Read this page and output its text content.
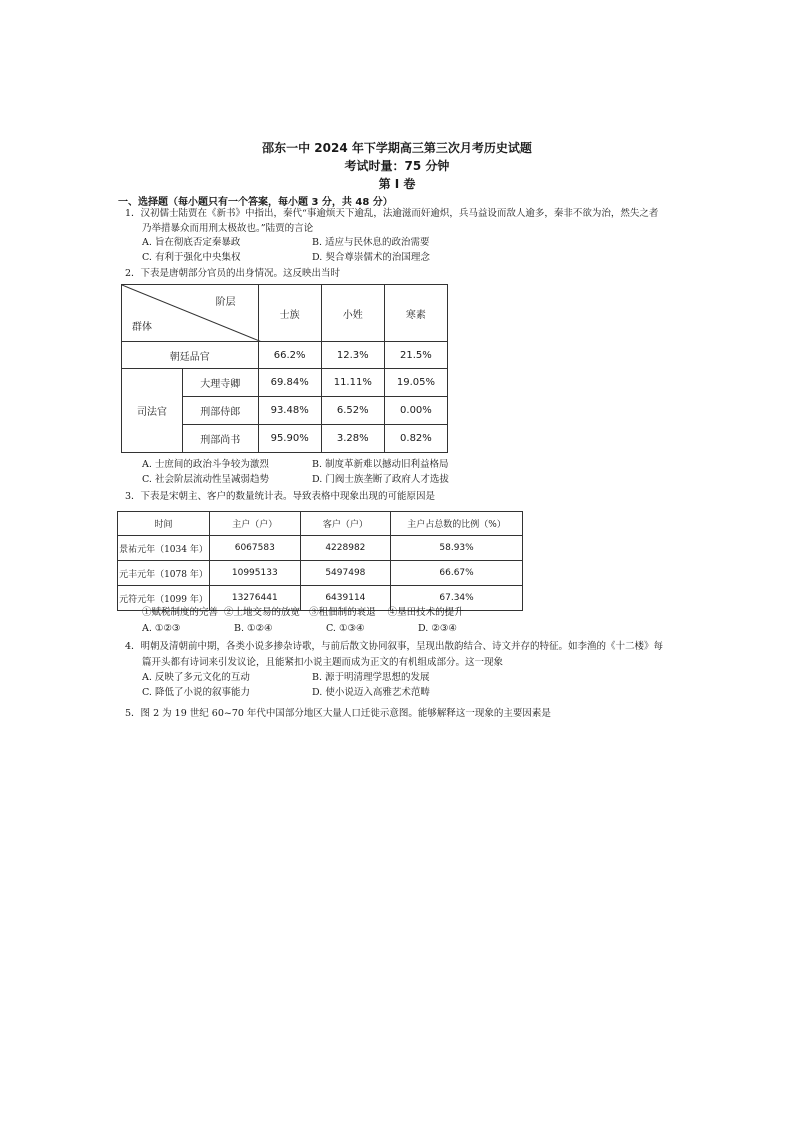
邵东一中 2024 年下学期高三第三次月考历史试题
考试时量：75 分钟
第 I 卷
一、选择题（每小题只有一个答案，每小题 3 分，共 48 分）
1．汉初儒士陆贾在《新书》中指出，秦代“事逾烦天下逾乱，法逾滋而奸逾炽，兵马益设而敌人逾多，秦非不欲为治，然失之者
乃举措暴众而用刑太极故也。”陆贾的言论
A. 旨在彻底否定秦暴政	B. 适应与民休息的政治需要
C. 有利于强化中央集权	D. 契合尊崇儒术的治国理念
2．下表是唐朝部分官员的出身情况。这反映出当时
阶层
群体		士族	小姓	寒素
朝廷品官		66.2%	12.3%	21.5%
司法官	大理寺卿	69.84%	11.11%	19.05%
	刑部侍郎	93.48%	6.52%	0.00%
	刑部尚书	95.90%	3.28%	0.82%
A. 士庶间的政治斗争较为激烈	B. 制度革新难以撼动旧利益格局
C. 社会阶层流动性呈减弱趋势	D. 门阀士族垄断了政府人才选拔
3．下表是宋朝主、客户的数量统计表。导致表格中现象出现的可能原因是
时间	主户（户）	客户（户）	主户占总数的比例（%）
景祐元年（1034 年）	6067583	4228982	58.93%
元丰元年（1078 年）	10995133	5497498	66.67%
元符元年（1099 年）	13276441	6439114	67.34%
①赋税制度的完善  ②土地交易的放宽   ③租佃制的衰退    ④垦田技术的提升
A. ①②③	B. ①②④	C. ①③④	D. ②③④
4．明朝及清朝前中期，各类小说多掺杂诗歌，与前后散文协同叙事，呈现出散韵结合、诗文并存的特征。如李渔的《十二楼》每
篇开头都有诗词来引发议论，且能紧扣小说主题而成为正文的有机组成部分。这一现象
A. 反映了多元文化的互动	B. 源于明清理学思想的发展
C. 降低了小说的叙事能力	D. 使小说迈入高雅艺术范畴
5．图 2 为 19 世纪 60~70 年代中国部分地区大量人口迁徙示意图。能够解释这一现象的主要因素是
